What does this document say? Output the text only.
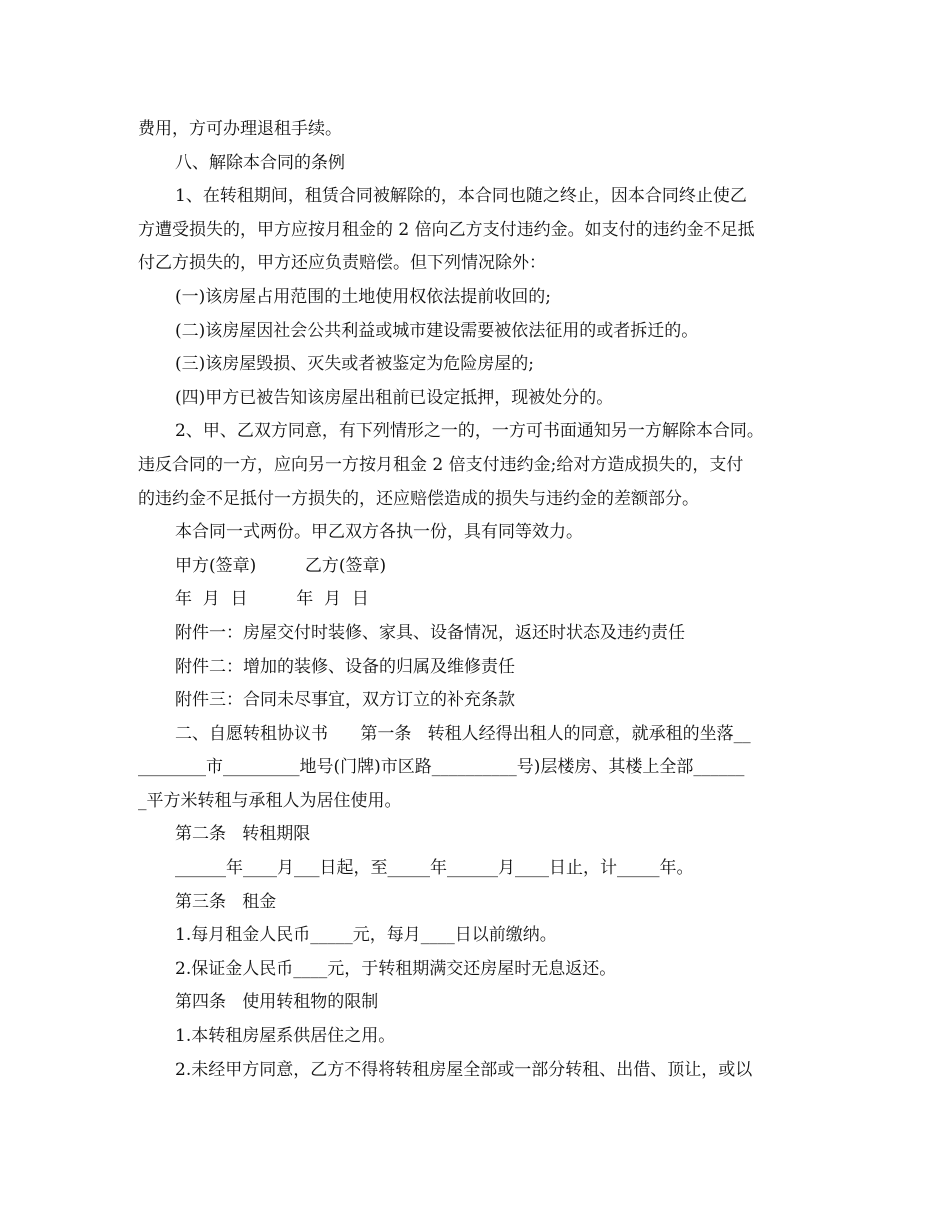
费用，方可办理退租手续。
八、解除本合同的条例
1、在转租期间，租赁合同被解除的，本合同也随之终止，因本合同终止使乙
方遭受损失的，甲方应按月租金的 2 倍向乙方支付违约金。如支付的违约金不足抵
付乙方损失的，甲方还应负责赔偿。但下列情况除外：
(一)该房屋占用范围的土地使用权依法提前收回的;
(二)该房屋因社会公共利益或城市建设需要被依法征用的或者拆迁的。
(三)该房屋毁损、灭失或者被鉴定为危险房屋的;
(四)甲方已被告知该房屋出租前已设定抵押，现被处分的。
2、甲、乙双方同意，有下列情形之一的，一方可书面通知另一方解除本合同。
违反合同的一方，应向另一方按月租金 2 倍支付违约金;给对方造成损失的，支付
的违约金不足抵付一方损失的，还应赔偿造成的损失与违约金的差额部分。
本合同一式两份。甲乙双方各执一份，具有同等效力。
甲方(签章)         乙方(签章)
年  月  日         年  月  日
附件一：房屋交付时装修、家具、设备情况，返还时状态及违约责任
附件二：增加的装修、设备的归属及维修责任
附件三：合同未尽事宜，双方订立的补充条款
二、自愿转租协议书      第一条   转租人经得出租人的同意，就承租的坐落__
________市_________地号(门牌)市区路__________号)层楼房、其楼上全部______
_平方米转租与承租人为居住使用。
第二条   转租期限
______年____月___日起，至_____年______月____日止，计_____年。
第三条   租金
1.每月租金人民币_____元，每月____日以前缴纳。
2.保证金人民币____元，于转租期满交还房屋时无息返还。
第四条   使用转租物的限制
1.本转租房屋系供居住之用。
2.未经甲方同意，乙方不得将转租房屋全部或一部分转租、出借、顶让，或以
